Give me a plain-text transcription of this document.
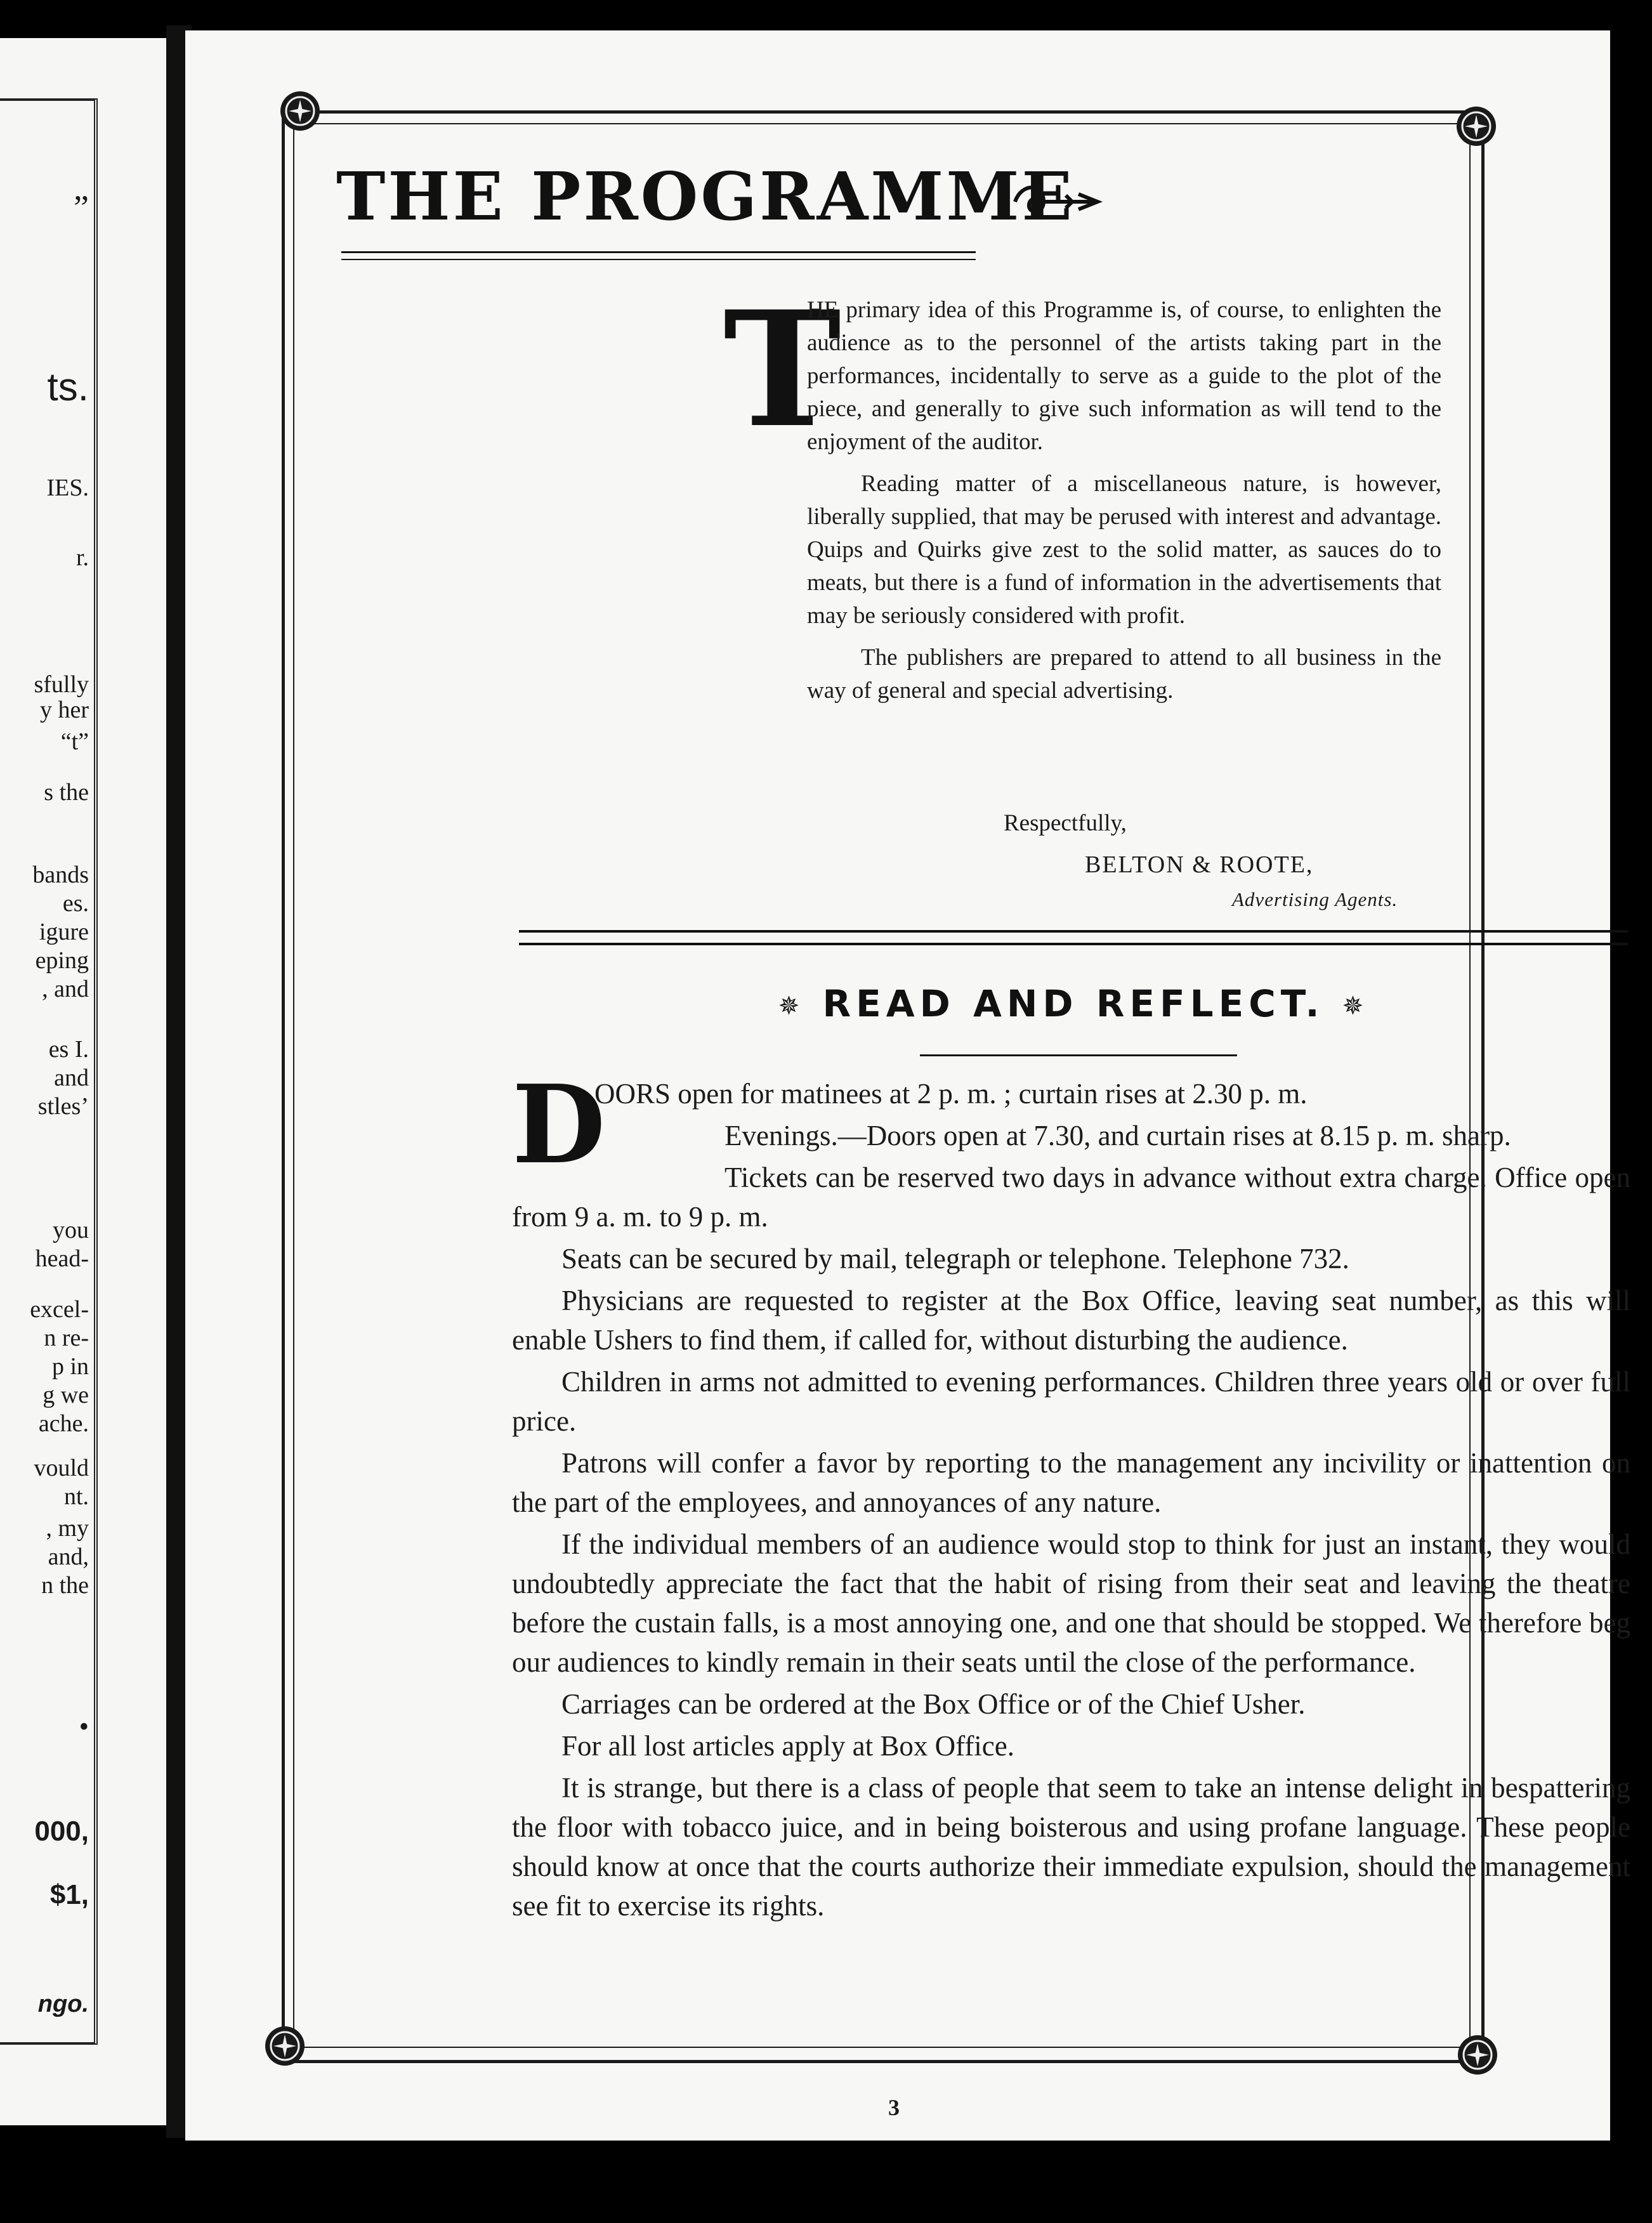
”
ts.
IES.
r.
sfully
y her
“t”
s the
bands
es.
igure
eping
, and
es I.
and
stles’
you
head-
excel-
n re-
p in
g we
ache.
vould
nt.
, my
and,
n the
•
000,
$1,
ngo.
THE PROGRAMME

T
HE primary idea of this Programme is, of course, to enlighten the audience as to the personnel of the artists taking part in the performances, incidentally to serve as a guide to the plot of the piece, and generally to give such information as will tend to the enjoyment of the auditor.

Reading matter of a miscellaneous nature, is however, liberally supplied, that may be perused with interest and advantage. Quips and Quirks give zest to the solid matter, as sauces do to meats, but there is a fund of information in the advertisements that may be seriously considered with profit.

The publishers are prepared to attend to all business in the way of general and special advertising.

Respectfully,
BELTON & ROOTE,
Advertising Agents.
✵ READ AND REFLECT. ✵

D
OORS open for matinees at 2 p. m. ; curtain rises at 2.30 p. m.

Evenings.—Doors open at 7.30, and curtain rises at 8.15 p. m. sharp.

Tickets can be reserved two days in advance without extra charge. Office open from 9 a. m. to 9 p. m.

Seats can be secured by mail, telegraph or telephone. Telephone 732.

Physicians are requested to register at the Box Office, leaving seat number, as this will enable Ushers to find them, if called for, without disturbing the audience.

Children in arms not admitted to evening performances. Children three years old or over full price.

Patrons will confer a favor by reporting to the management any incivility or inattention on the part of the employees, and annoyances of any nature.

If the individual members of an audience would stop to think for just an instant, they would undoubtedly appreciate the fact that the habit of rising from their seat and leaving the theatre before the custain falls, is a most annoying one, and one that should be stopped. We therefore beg our audiences to kindly remain in their seats until the close of the performance.

Carriages can be ordered at the Box Office or of the Chief Usher.

For all lost articles apply at Box Office.

It is strange, but there is a class of people that seem to take an intense delight in bespattering the floor with tobacco juice, and in being boisterous and using profane language. These people should know at once that the courts authorize their immediate expulsion, should the management see fit to exercise its rights.

3
